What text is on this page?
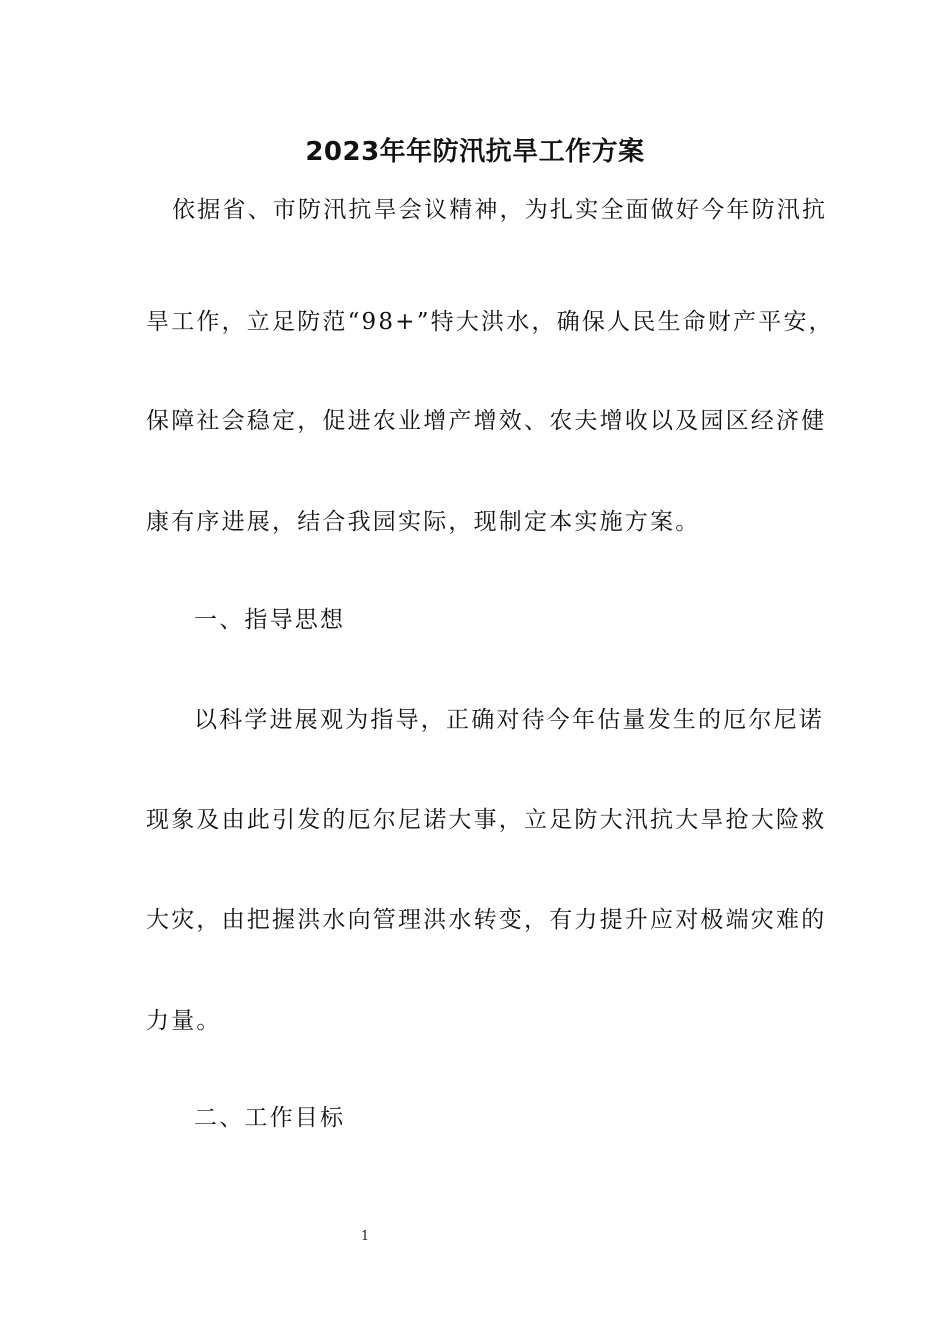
2023年年防汛抗旱工作方案
依据省、市防汛抗旱会议精神，为扎实全面做好今年防汛抗
旱工作，立足防范“98+”特大洪水，确保人民生命财产平安，
保障社会稳定，促进农业增产增效、农夫增收以及园区经济健
康有序进展，结合我园实际，现制定本实施方案。
一、指导思想
以科学进展观为指导，正确对待今年估量发生的厄尔尼诺
现象及由此引发的厄尔尼诺大事，立足防大汛抗大旱抢大险救
大灾，由把握洪水向管理洪水转变，有力提升应对极端灾难的
力量。
二、工作目标
1
